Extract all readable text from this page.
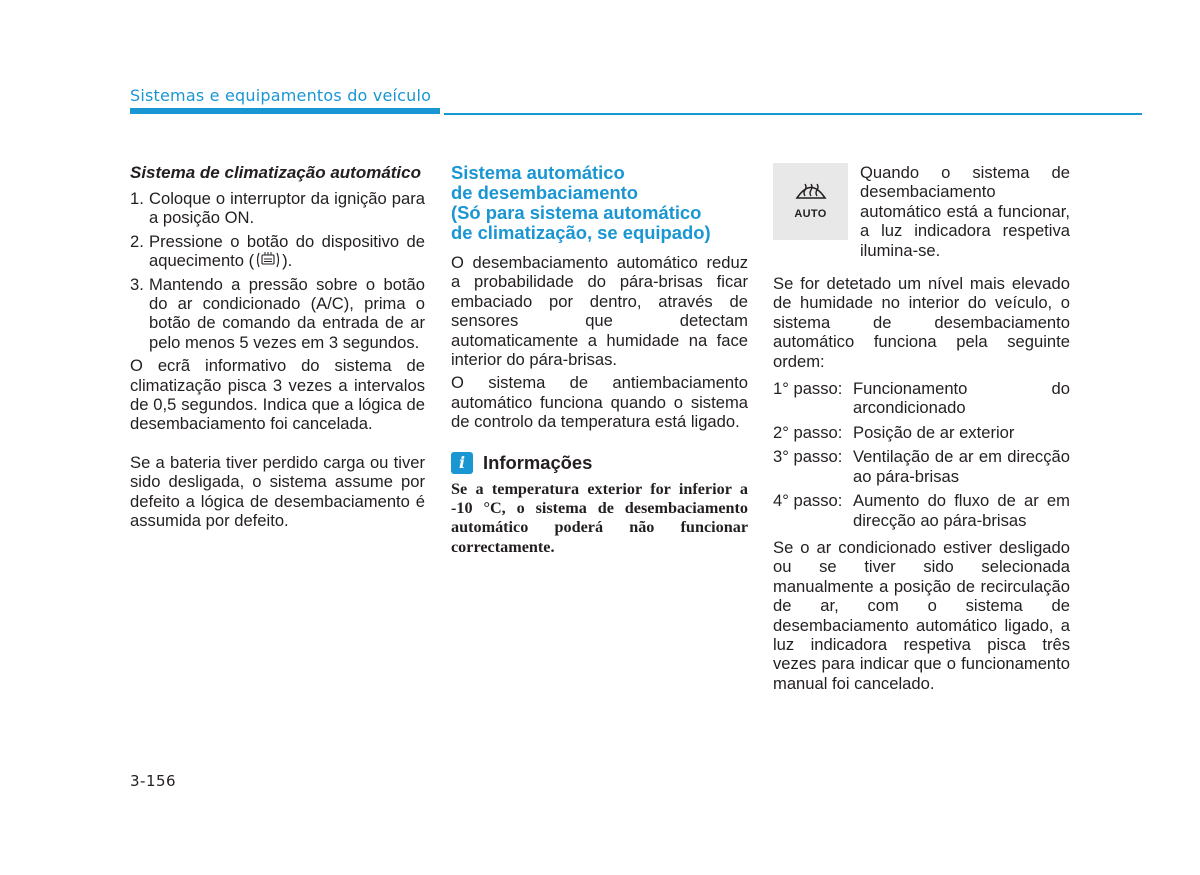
Sistemas e equipamentos do veículo
Sistema de climatização automático
1. Coloque o interruptor da ignição para a posição ON.
2. Pressione o botão do dispositivo de aquecimento ( ).
3. Mantendo a pressão sobre o botão do ar condicionado (A/C), prima o botão de comando da entrada de ar pelo menos 5 vezes em 3 segundos.

O ecrã informativo do sistema de climatização pisca 3 vezes a intervalos de 0,5 segundos. Indica que a lógica de desembaciamento foi cancelada.

Se a bateria tiver perdido carga ou tiver sido desligada, o sistema assume por defeito a lógica de desembaciamento é assumida por defeito.

Sistema automático
de desembaciamento
(Só para sistema automático
de climatização, se equipado)

O desembaciamento automático reduz a probabilidade do pára-brisas ficar embaciado por dentro, através de sensores que detectam automaticamente a humidade na face interior do pára-brisas.

O sistema de antiembaciamento automático funciona quando o sistema de controlo da temperatura está ligado.

i Informações
Se a temperatura exterior for inferior a -10 °C, o sistema de desembaciamento automático poderá não funcionar correctamente.
AUTO
Quando o sistema de desembaciamento automático está a funcionar, a luz indicadora respetiva ilumina-se.

Se for detetado um nível mais elevado de humidade no interior do veículo, o sistema de desembaciamento automático funciona pela seguinte ordem:

1° passo: Funcionamento do arcondicionado
2° passo: Posição de ar exterior
3° passo: Ventilação de ar em direcção ao pára-brisas
4° passo: Aumento do fluxo de ar em direcção ao pára-brisas

Se o ar condicionado estiver desligado ou se tiver sido selecionada manualmente a posição de recirculação de ar, com o sistema de desembaciamento automático ligado, a luz indicadora respetiva pisca três vezes para indicar que o funcionamento manual foi cancelado.

3-156
